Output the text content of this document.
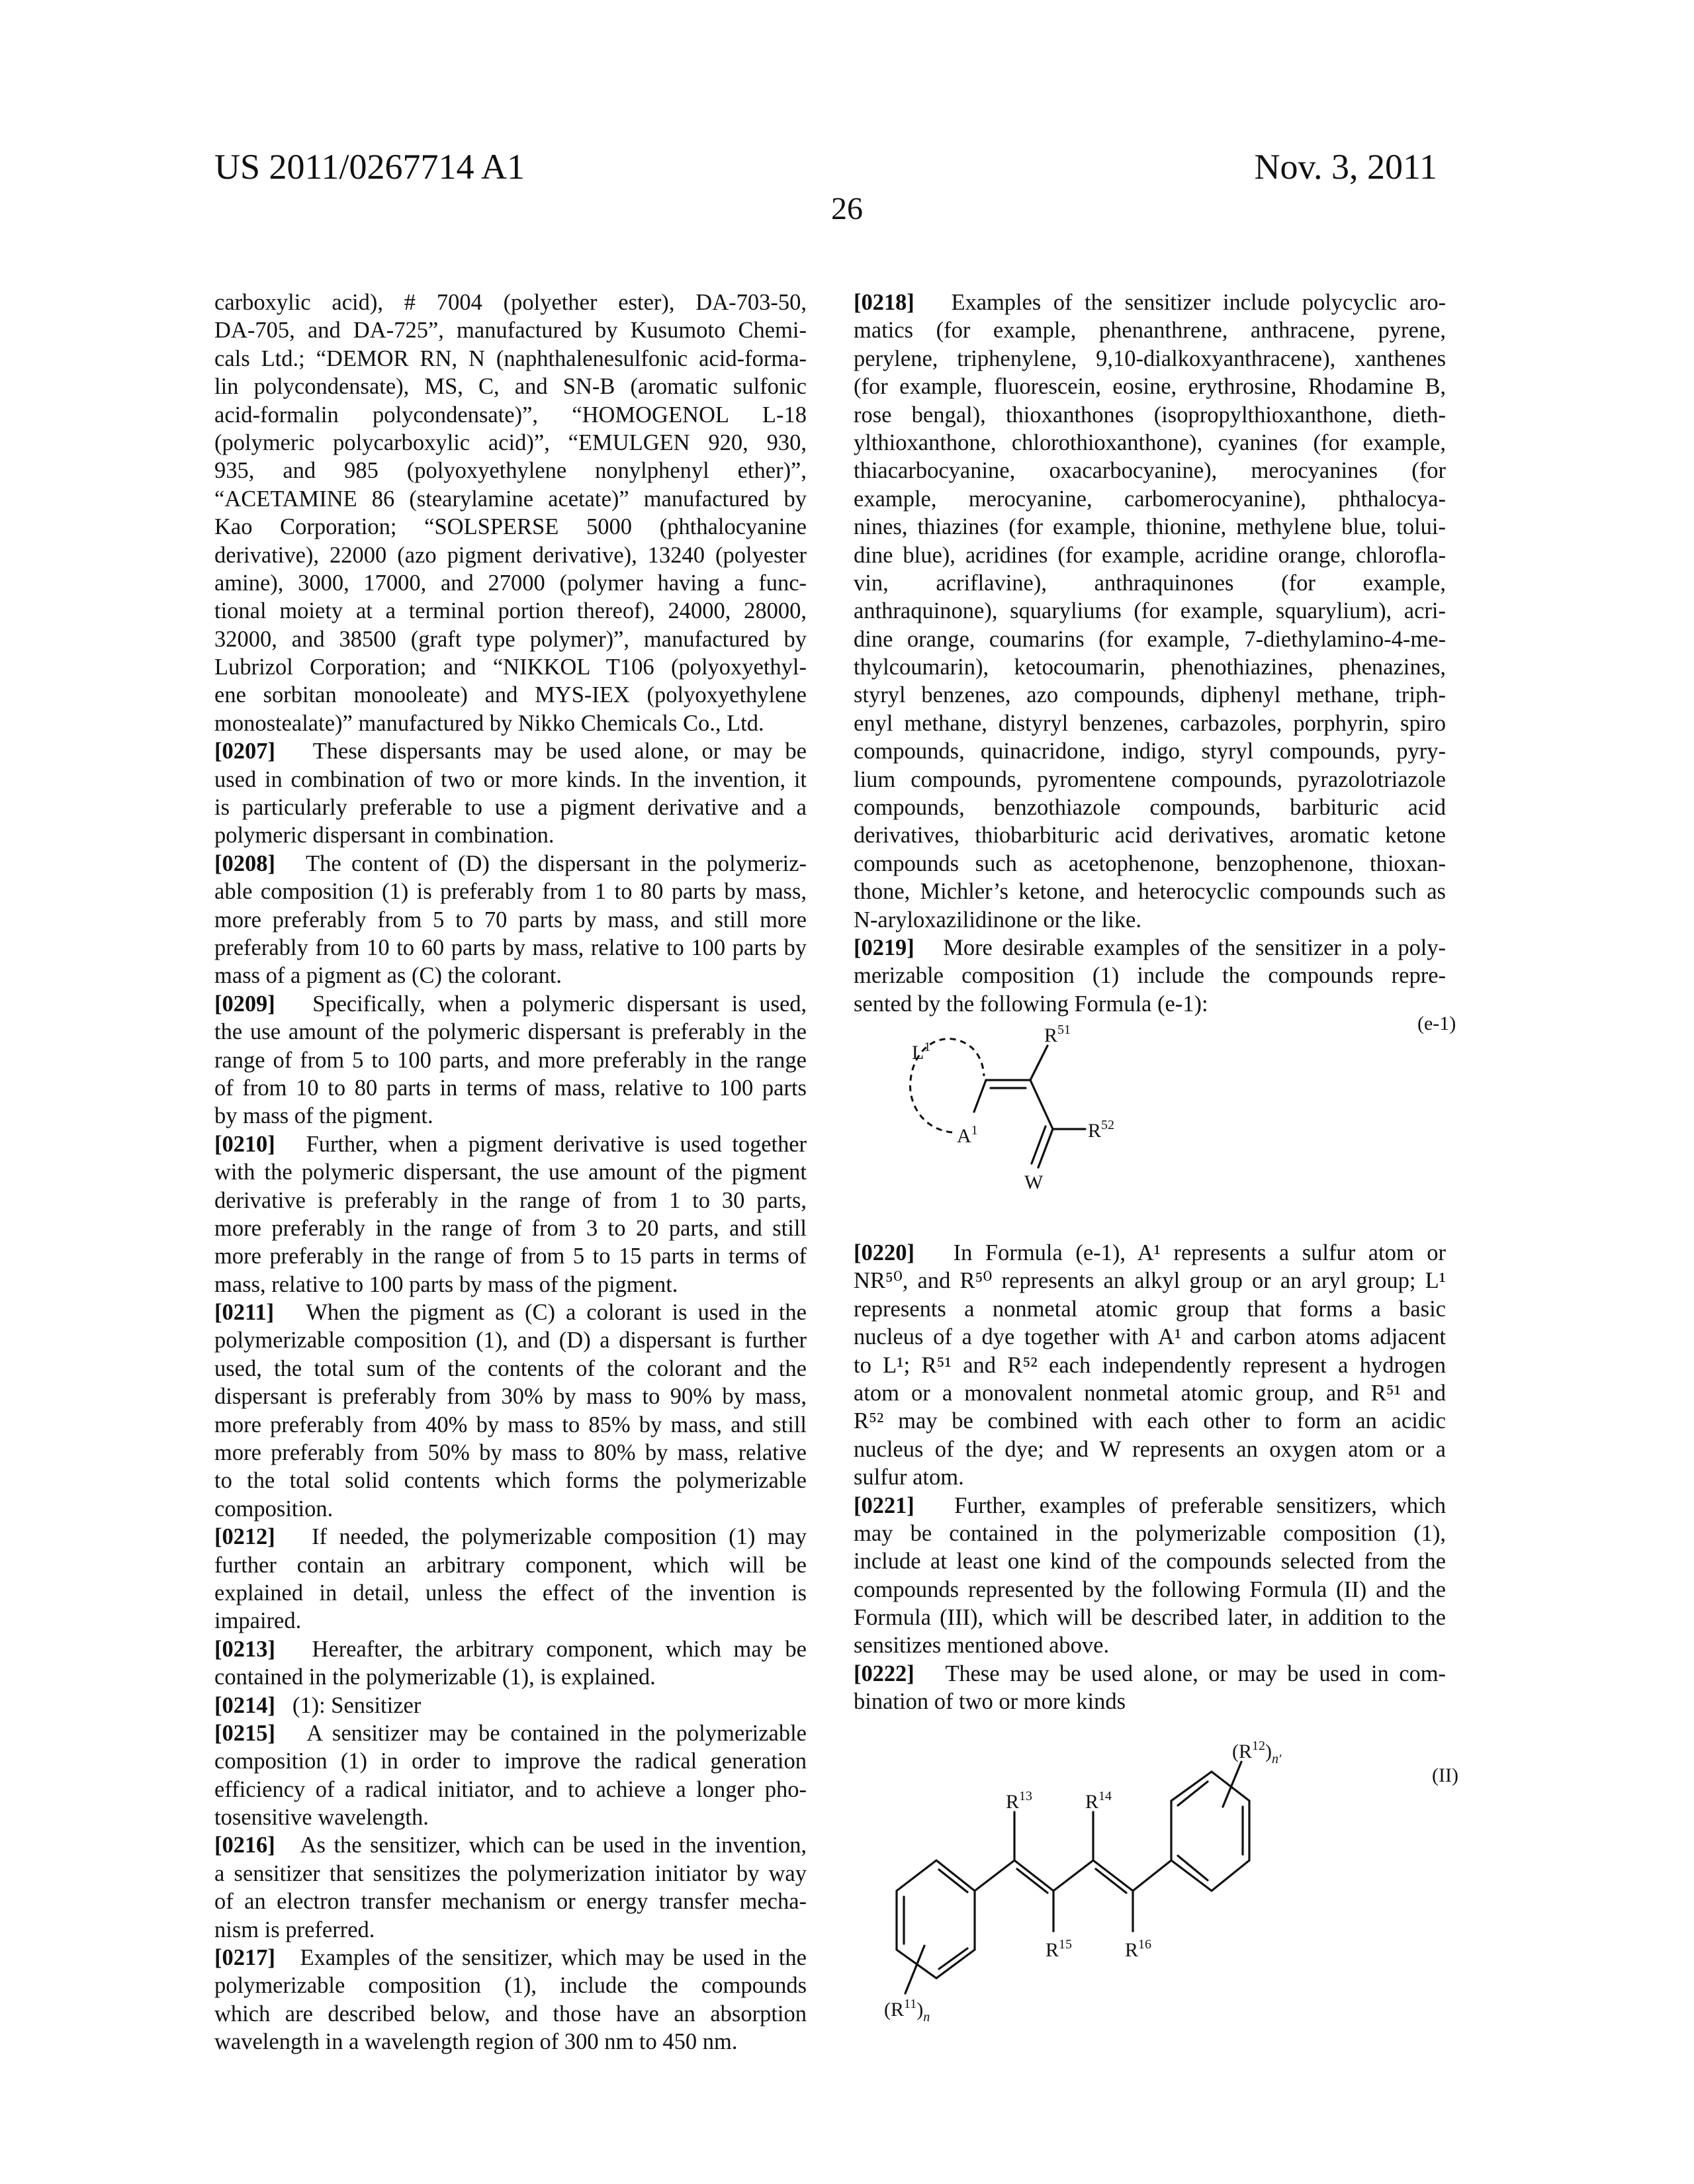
US 2011/0267714 A1	Nov. 3, 2011
26
carboxylic acid), # 7004 (polyether ester), DA-703-50,
DA-705, and DA-725”, manufactured by Kusumoto Chemi-
cals Ltd.; “DEMOR RN, N (naphthalenesulfonic acid-forma-
lin polycondensate), MS, C, and SN-B (aromatic sulfonic
acid-formalin polycondensate)”, “HOMOGENOL L-18
(polymeric polycarboxylic acid)”, “EMULGEN 920, 930,
935, and 985 (polyoxyethylene nonylphenyl ether)”,
“ACETAMINE 86 (stearylamine acetate)” manufactured by
Kao Corporation; “SOLSPERSE 5000 (phthalocyanine
derivative), 22000 (azo pigment derivative), 13240 (polyester
amine), 3000, 17000, and 27000 (polymer having a func-
tional moiety at a terminal portion thereof), 24000, 28000,
32000, and 38500 (graft type polymer)”, manufactured by
Lubrizol Corporation; and “NIKKOL T106 (polyoxyethyl-
ene sorbitan monooleate) and MYS-IEX (polyoxyethylene
monostealate)” manufactured by Nikko Chemicals Co., Ltd.
[0207] These dispersants may be used alone, or may be
used in combination of two or more kinds. In the invention, it
is particularly preferable to use a pigment derivative and a
polymeric dispersant in combination.
[0208] The content of (D) the dispersant in the polymeriz-
able composition (1) is preferably from 1 to 80 parts by mass,
more preferably from 5 to 70 parts by mass, and still more
preferably from 10 to 60 parts by mass, relative to 100 parts by
mass of a pigment as (C) the colorant.
[0209] Specifically, when a polymeric dispersant is used,
the use amount of the polymeric dispersant is preferably in the
range of from 5 to 100 parts, and more preferably in the range
of from 10 to 80 parts in terms of mass, relative to 100 parts
by mass of the pigment.
[0210] Further, when a pigment derivative is used together
with the polymeric dispersant, the use amount of the pigment
derivative is preferably in the range of from 1 to 30 parts,
more preferably in the range of from 3 to 20 parts, and still
more preferably in the range of from 5 to 15 parts in terms of
mass, relative to 100 parts by mass of the pigment.
[0211] When the pigment as (C) a colorant is used in the
polymerizable composition (1), and (D) a dispersant is further
used, the total sum of the contents of the colorant and the
dispersant is preferably from 30% by mass to 90% by mass,
more preferably from 40% by mass to 85% by mass, and still
more preferably from 50% by mass to 80% by mass, relative
to the total solid contents which forms the polymerizable
composition.
[0212] If needed, the polymerizable composition (1) may
further contain an arbitrary component, which will be
explained in detail, unless the effect of the invention is
impaired.
[0213] Hereafter, the arbitrary component, which may be
contained in the polymerizable (1), is explained.
[0214] (1): Sensitizer
[0215] A sensitizer may be contained in the polymerizable
composition (1) in order to improve the radical generation
efficiency of a radical initiator, and to achieve a longer pho-
tosensitive wavelength.
[0216] As the sensitizer, which can be used in the invention,
a sensitizer that sensitizes the polymerization initiator by way
of an electron transfer mechanism or energy transfer mecha-
nism is preferred.
[0217] Examples of the sensitizer, which may be used in the
polymerizable composition (1), include the compounds
which are described below, and those have an absorption
wavelength in a wavelength region of 300 nm to 450 nm.
[0218] Examples of the sensitizer include polycyclic aro-
matics (for example, phenanthrene, anthracene, pyrene,
perylene, triphenylene, 9,10-dialkoxyanthracene), xanthenes
(for example, fluorescein, eosine, erythrosine, Rhodamine B,
rose bengal), thioxanthones (isopropylthioxanthone, dieth-
ylthioxanthone, chlorothioxanthone), cyanines (for example,
thiacarbocyanine, oxacarbocyanine), merocyanines (for
example, merocyanine, carbomerocyanine), phthalocya-
nines, thiazines (for example, thionine, methylene blue, tolui-
dine blue), acridines (for example, acridine orange, chlorofla-
vin, acriflavine), anthraquinones (for example,
anthraquinone), squaryliums (for example, squarylium), acri-
dine orange, coumarins (for example, 7-diethylamino-4-me-
thylcoumarin), ketocoumarin, phenothiazines, phenazines,
styryl benzenes, azo compounds, diphenyl methane, triph-
enyl methane, distyryl benzenes, carbazoles, porphyrin, spiro
compounds, quinacridone, indigo, styryl compounds, pyry-
lium compounds, pyromentene compounds, pyrazolotriazole
compounds, benzothiazole compounds, barbituric acid
derivatives, thiobarbituric acid derivatives, aromatic ketone
compounds such as acetophenone, benzophenone, thioxan-
thone, Michler’s ketone, and heterocyclic compounds such as
N-aryloxazilidinone or the like.
[0219] More desirable examples of the sensitizer in a poly-
merizable composition (1) include the compounds repre-
sented by the following Formula (e-1):
[0220] In Formula (e-1), A¹ represents a sulfur atom or
NR⁵⁰, and R⁵⁰ represents an alkyl group or an aryl group; L¹
represents a nonmetal atomic group that forms a basic
nucleus of a dye together with A¹ and carbon atoms adjacent
to L¹; R⁵¹ and R⁵² each independently represent a hydrogen
atom or a monovalent nonmetal atomic group, and R⁵¹ and
R⁵² may be combined with each other to form an acidic
nucleus of the dye; and W represents an oxygen atom or a
sulfur atom.
[0221] Further, examples of preferable sensitizers, which
may be contained in the polymerizable composition (1),
include at least one kind of the compounds selected from the
compounds represented by the following Formula (II) and the
Formula (III), which will be described later, in addition to the
sensitizes mentioned above.
[0222] These may be used alone, or may be used in com-
bination of two or more kinds
(e-1)
L1
A1
R51
R52
W
(II)
(R12)n′
(R11)n
R13	R14
R15	R16
